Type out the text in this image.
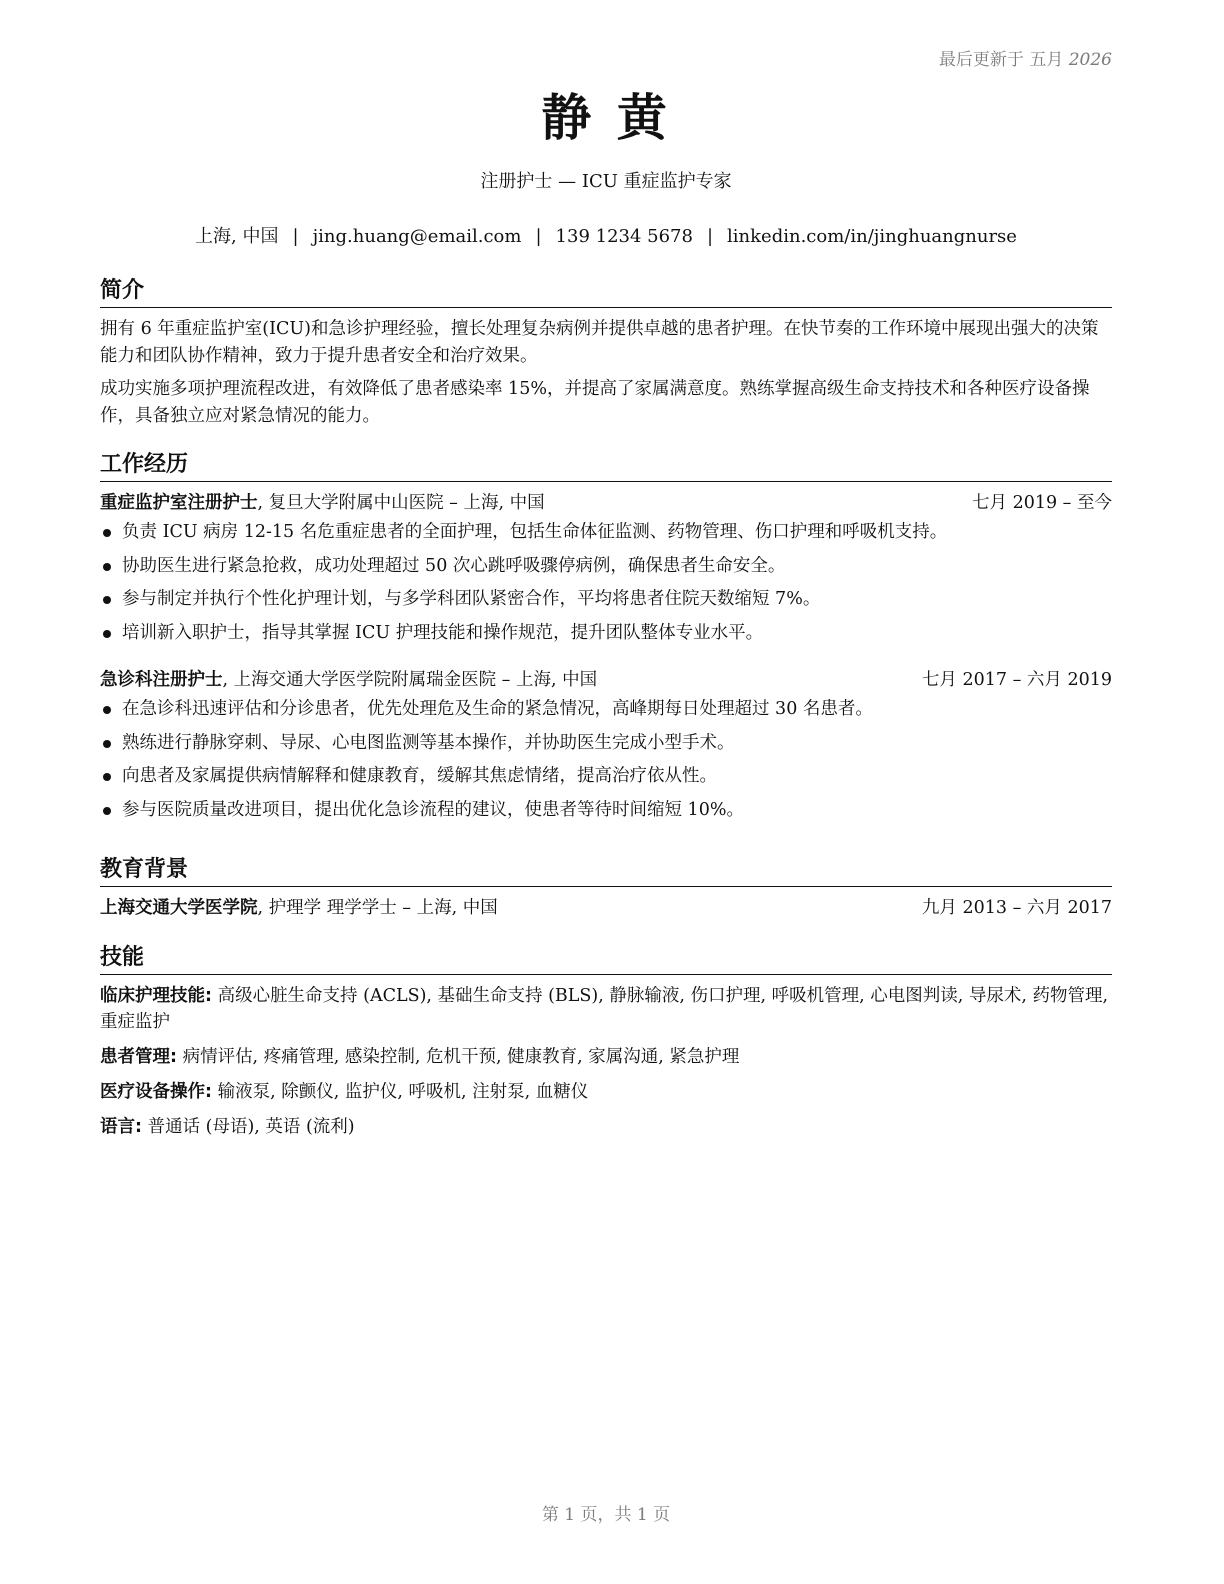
最后更新于 五月 2026
静 黄
注册护士 — ICU 重症监护专家
上海, 中国 | jing.huang@email.com | 139 1234 5678 | linkedin.com/in/jinghuangnurse
简介

拥有 6 年重症监护室(ICU)和急诊护理经验，擅长处理复杂病例并提供卓越的患者护理。在快节奏的工作环境中展现出强大的决策能力和团队协作精神，致力于提升患者安全和治疗效果。

成功实施多项护理流程改进，有效降低了患者感染率 15%，并提高了家属满意度。熟练掌握高级生命支持技术和各种医疗设备操作，具备独立应对紧急情况的能力。

工作经历
重症监护室注册护士, 复旦大学附属中山医院 – 上海, 中国	七月 2019 – 至今
负责 ICU 病房 12-15 名危重症患者的全面护理，包括生命体征监测、药物管理、伤口护理和呼吸机支持。
协助医生进行紧急抢救，成功处理超过 50 次心跳呼吸骤停病例，确保患者生命安全。
参与制定并执行个性化护理计划，与多学科团队紧密合作，平均将患者住院天数缩短 7%。
培训新入职护士，指导其掌握 ICU 护理技能和操作规范，提升团队整体专业水平。
急诊科注册护士, 上海交通大学医学院附属瑞金医院 – 上海, 中国	七月 2017 – 六月 2019
在急诊科迅速评估和分诊患者，优先处理危及生命的紧急情况，高峰期每日处理超过 30 名患者。
熟练进行静脉穿刺、导尿、心电图监测等基本操作，并协助医生完成小型手术。
向患者及家属提供病情解释和健康教育，缓解其焦虑情绪，提高治疗依从性。
参与医院质量改进项目，提出优化急诊流程的建议，使患者等待时间缩短 10%。
教育背景
上海交通大学医学院, 护理学 理学学士 – 上海, 中国	九月 2013 – 六月 2017
技能
临床护理技能: 高级心脏生命支持 (ACLS), 基础生命支持 (BLS), 静脉输液, 伤口护理, 呼吸机管理, 心电图判读, 导尿术, 药物管理, 重症监护
患者管理: 病情评估, 疼痛管理, 感染控制, 危机干预, 健康教育, 家属沟通, 紧急护理
医疗设备操作: 输液泵, 除颤仪, 监护仪, 呼吸机, 注射泵, 血糖仪
语言: 普通话 (母语), 英语 (流利)
第 1 页，共 1 页
